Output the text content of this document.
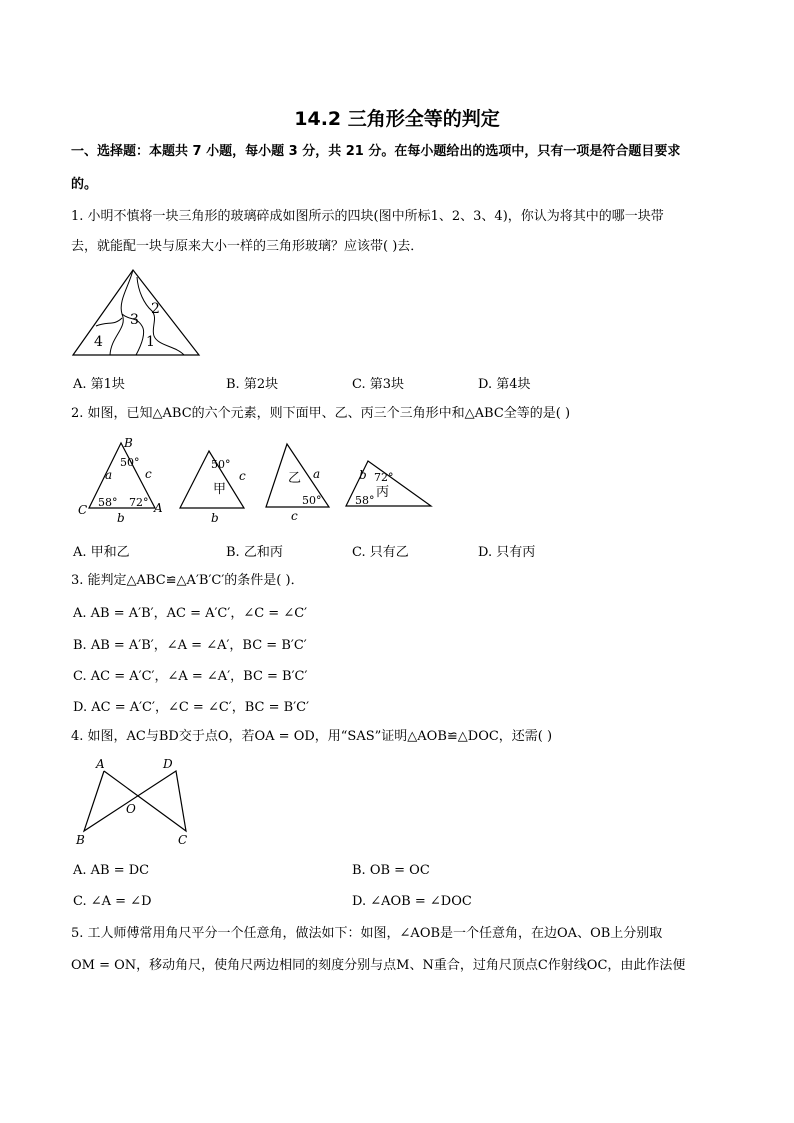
14.2 三角形全等的判定
一、选择题：本题共 7 小题，每小题 3 分，共 21 分。在每小题给出的选项中，只有一项是符合题目要求
的。
1. 小明不慎将一块三角形的玻璃碎成如图所示的四块(图中所标1、2、3、4)，你认为将其中的哪一块带
去，就能配一块与原来大小一样的三角形玻璃？应该带( )去．
3
2
4	1
A. 第1块	B. 第2块	C. 第3块	D. 第4块
2. 如图，已知△ABC的六个元素，则下面甲、乙、丙三个三角形中和△ABC全等的是( )
B
C	A
a	c
b
50°
58° 72°
50°
c
甲
b
乙 a
50°
c
b 72°
丙
58°
A. 甲和乙	B. 乙和丙	C. 只有乙	D. 只有丙
3. 能判定△ABC≌△A′B′C′的条件是( )．
A. AB = A′B′，AC = A′C′，∠C = ∠C′
B. AB = A′B′，∠A = ∠A′，BC = B′C′
C. AC = A′C′，∠A = ∠A′，BC = B′C′
D. AC = A′C′，∠C = ∠C′，BC = B′C′
4. 如图，AC与BD交于点O，若OA = OD，用“SAS”证明△AOB≌△DOC，还需( )
A	D
O
B	C
A. AB = DC	B. OB = OC
C. ∠A = ∠D	D. ∠AOB = ∠DOC
5. 工人师傅常用角尺平分一个任意角，做法如下：如图，∠AOB是一个任意角，在边OA、OB上分别取
OM = ON，移动角尺，使角尺两边相同的刻度分别与点M、N重合，过角尺顶点C作射线OC，由此作法便
